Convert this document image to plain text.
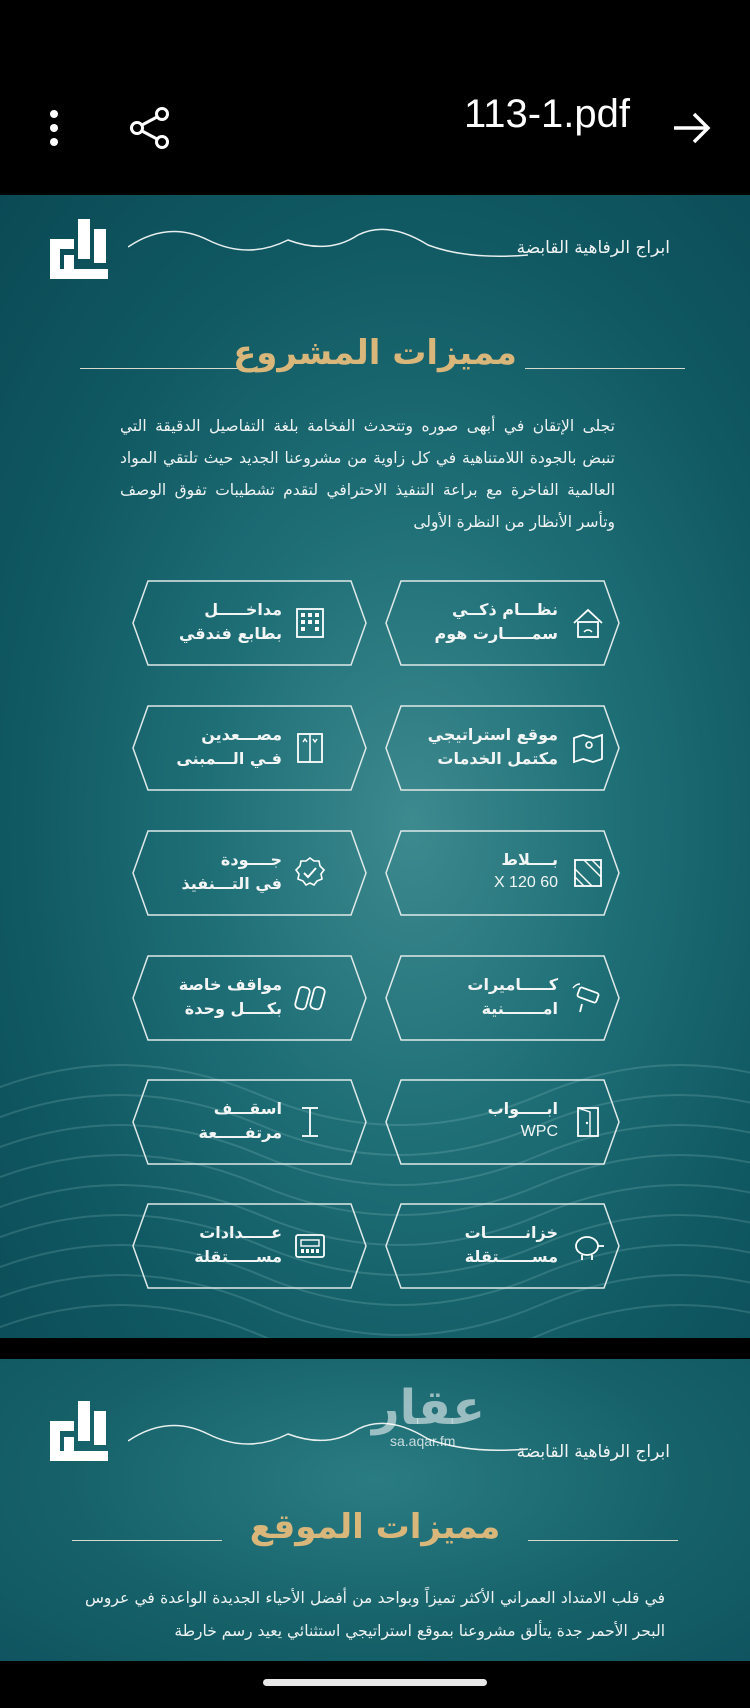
113-1.pdf
ابراج الرفاهية القابضة
مميزات المشروع
تجلى الإتقان في أبهى صوره وتتحدث الفخامة بلغة التفاصيل الدقيقة التي تنبض بالجودة اللامتناهية في كل زاوية من مشروعنا الجديد حيث تلتقي المواد العالمية الفاخرة مع براعة التنفيذ الاحترافي لتقدم تشطيبات تفوق الوصف وتأسر الأنظار من النظرة الأولى
نظـــام ذكــي
سمـــــارت هوم
مداخـــــل
بطابع فندقي
موقع استراتيجي
مكتمل الخدمات
مصـــعدين
فـي الـــمبنى
بــــلاط
60 X 120
جــــودة
في التـــنفيذ
كـــــاميرات
امـــــــنية
مواقف خاصة
بكــــل وحدة
ابـــــواب
WPC
اسقـــف
مرتفـــــعة
خزانـــــــات
مســــــتقلة
عـــــدادات
مســـــتقلة
ابراج الرفاهية القابضة
مميزات الموقع
في قلب الامتداد العمراني الأكثر تميزاً وبواحد من أفضل الأحياء الجديدة الواعدة في عروس البحر الأحمر جدة يتألق مشروعنا بموقع استراتيجي استثنائي يعيد رسم خارطة
عقار
sa.aqar.fm
